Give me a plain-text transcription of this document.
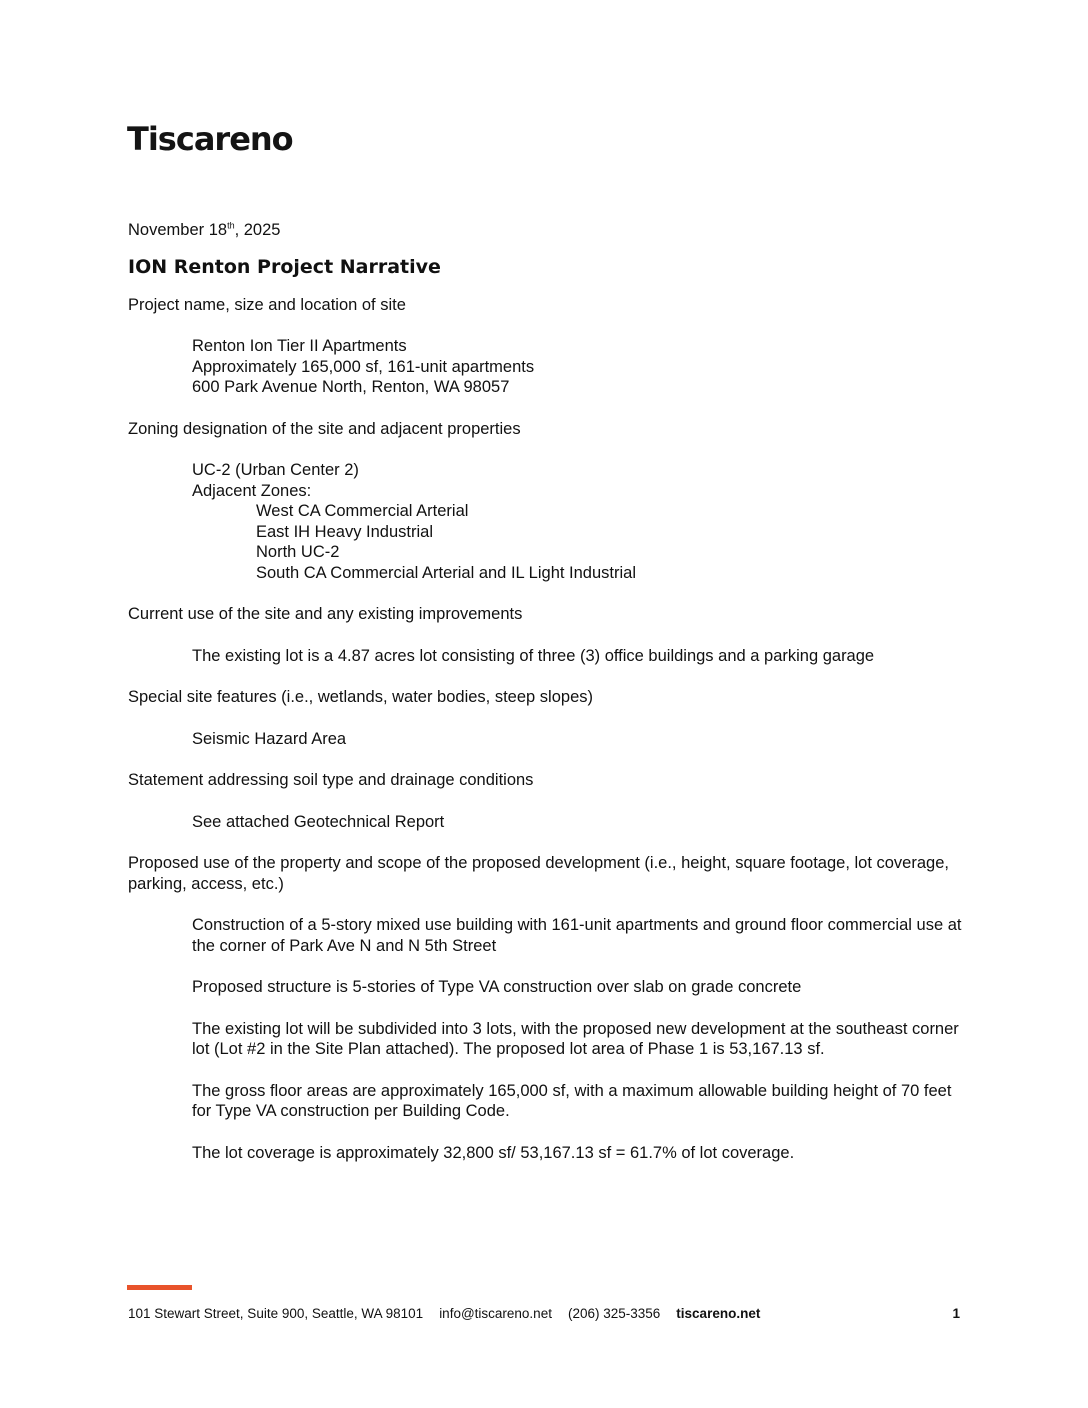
Tiscareno

November 18th, 2025

ION Renton Project Narrative

Project name, size and location of site

Renton Ion Tier II Apartments

Approximately 165,000 sf, 161-unit apartments

600 Park Avenue North, Renton, WA 98057

Zoning designation of the site and adjacent properties

UC-2 (Urban Center 2)

Adjacent Zones:

West CA Commercial Arterial

East IH Heavy Industrial

North UC-2

South CA Commercial Arterial and IL Light Industrial

Current use of the site and any existing improvements

The existing lot is a 4.87 acres lot consisting of three (3) office buildings and a parking garage

Special site features (i.e., wetlands, water bodies, steep slopes)

Seismic Hazard Area

Statement addressing soil type and drainage conditions

See attached Geotechnical Report

Proposed use of the property and scope of the proposed development (i.e., height, square footage, lot coverage, parking, access, etc.)

Construction of a 5-story mixed use building with 161-unit apartments and ground floor commercial use at the corner of Park Ave N and N 5th Street

Proposed structure is 5-stories of Type VA construction over slab on grade concrete

The existing lot will be subdivided into 3 lots, with the proposed new development at the southeast corner lot (Lot #2 in the Site Plan attached). The proposed lot area of Phase 1 is 53,167.13 sf.

The gross floor areas are approximately 165,000 sf, with a maximum allowable building height of 70 feet for Type VA construction per Building Code.

The lot coverage is approximately 32,800 sf/ 53,167.13 sf = 61.7% of lot coverage.

101 Stewart Street, Suite 900, Seattle, WA 98101 info@tiscareno.net (206) 325-3356 tiscareno.net	1
